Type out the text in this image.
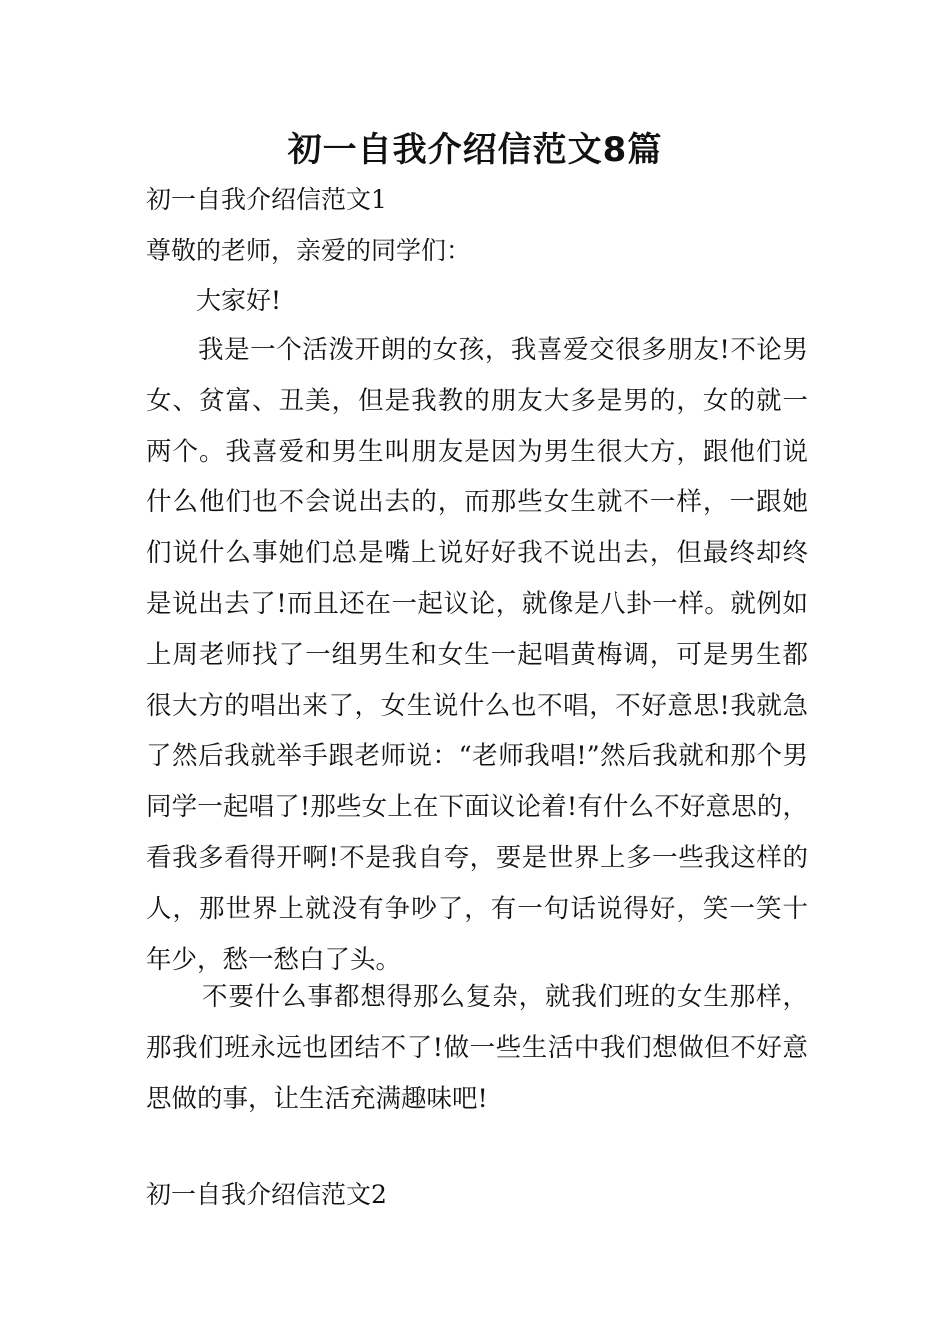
初一自我介绍信范文8篇

初一自我介绍信范文1

尊敬的老师，亲爱的同学们：

大家好!

我是一个活泼开朗的女孩，我喜爱交很多朋友!不论男女、贫富、丑美，但是我教的朋友大多是男的，女的就一两个。我喜爱和男生叫朋友是因为男生很大方，跟他们说什么他们也不会说出去的，而那些女生就不一样，一跟她们说什么事她们总是嘴上说好好我不说出去，但最终却终是说出去了!而且还在一起议论，就像是八卦一样。就例如上周老师找了一组男生和女生一起唱黄梅调，可是男生都很大方的唱出来了，女生说什么也不唱，不好意思!我就急了然后我就举手跟老师说：“老师我唱!”然后我就和那个男同学一起唱了!那些女上在下面议论着!有什么不好意思的，看我多看得开啊!不是我自夸，要是世界上多一些我这样的人，那世界上就没有争吵了，有一句话说得好，笑一笑十年少，愁一愁白了头。

不要什么事都想得那么复杂，就我们班的女生那样，那我们班永远也团结不了!做一些生活中我们想做但不好意思做的事，让生活充满趣味吧!

初一自我介绍信范文2
